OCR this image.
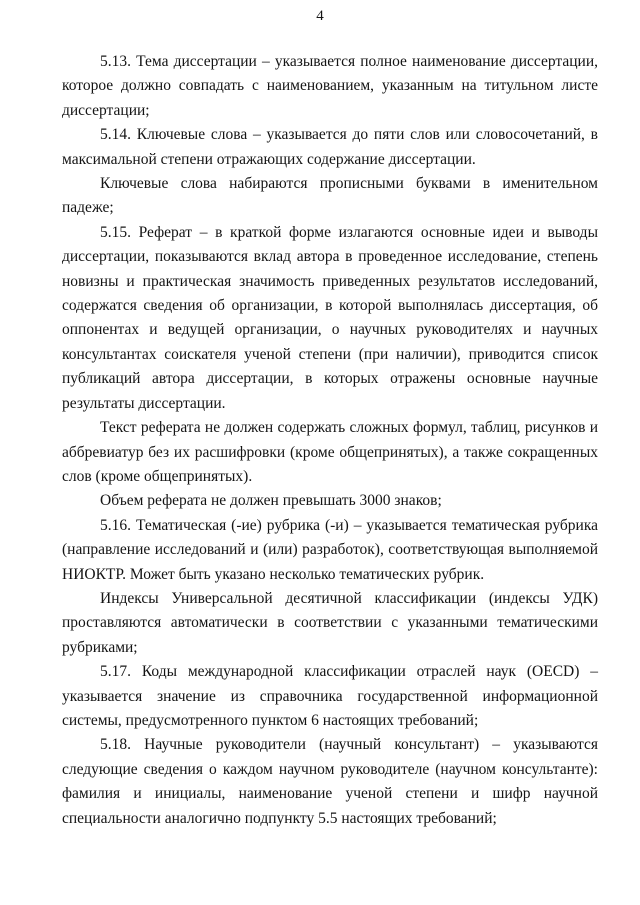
4

5.13. Тема диссертации – указывается полное наименование диссертации, которое должно совпадать с наименованием, указанным на титульном листе диссертации;

5.14. Ключевые слова – указывается до пяти слов или словосочетаний, в максимальной степени отражающих содержание диссертации.

Ключевые слова набираются прописными буквами в именительном падеже;

5.15. Реферат – в краткой форме излагаются основные идеи и выводы диссертации, показываются вклад автора в проведенное исследование, степень новизны и практическая значимость приведенных результатов исследований, содержатся сведения об организации, в которой выполнялась диссертация, об оппонентах и ведущей организации, о научных руководителях и научных консультантах соискателя ученой степени (при наличии), приводится список публикаций автора диссертации, в которых отражены основные научные результаты диссертации.

Текст реферата не должен содержать сложных формул, таблиц, рисунков и аббревиатур без их расшифровки (кроме общепринятых), а также сокращенных слов (кроме общепринятых).

Объем реферата не должен превышать 3000 знаков;

5.16. Тематическая (-ие) рубрика (-и) – указывается тематическая рубрика (направление исследований и (или) разработок), соответствующая выполняемой НИОКТР. Может быть указано несколько тематических рубрик.

Индексы Универсальной десятичной классификации (индексы УДК) проставляются автоматически в соответствии с указанными тематическими рубриками;

5.17. Коды международной классификации отраслей наук (OECD) – указывается значение из справочника государственной информационной системы, предусмотренного пунктом 6 настоящих требований;

5.18. Научные руководители (научный консультант) – указываются следующие сведения о каждом научном руководителе (научном консультанте): фамилия и инициалы, наименование ученой степени и шифр научной специальности аналогично подпункту 5.5 настоящих требований;
